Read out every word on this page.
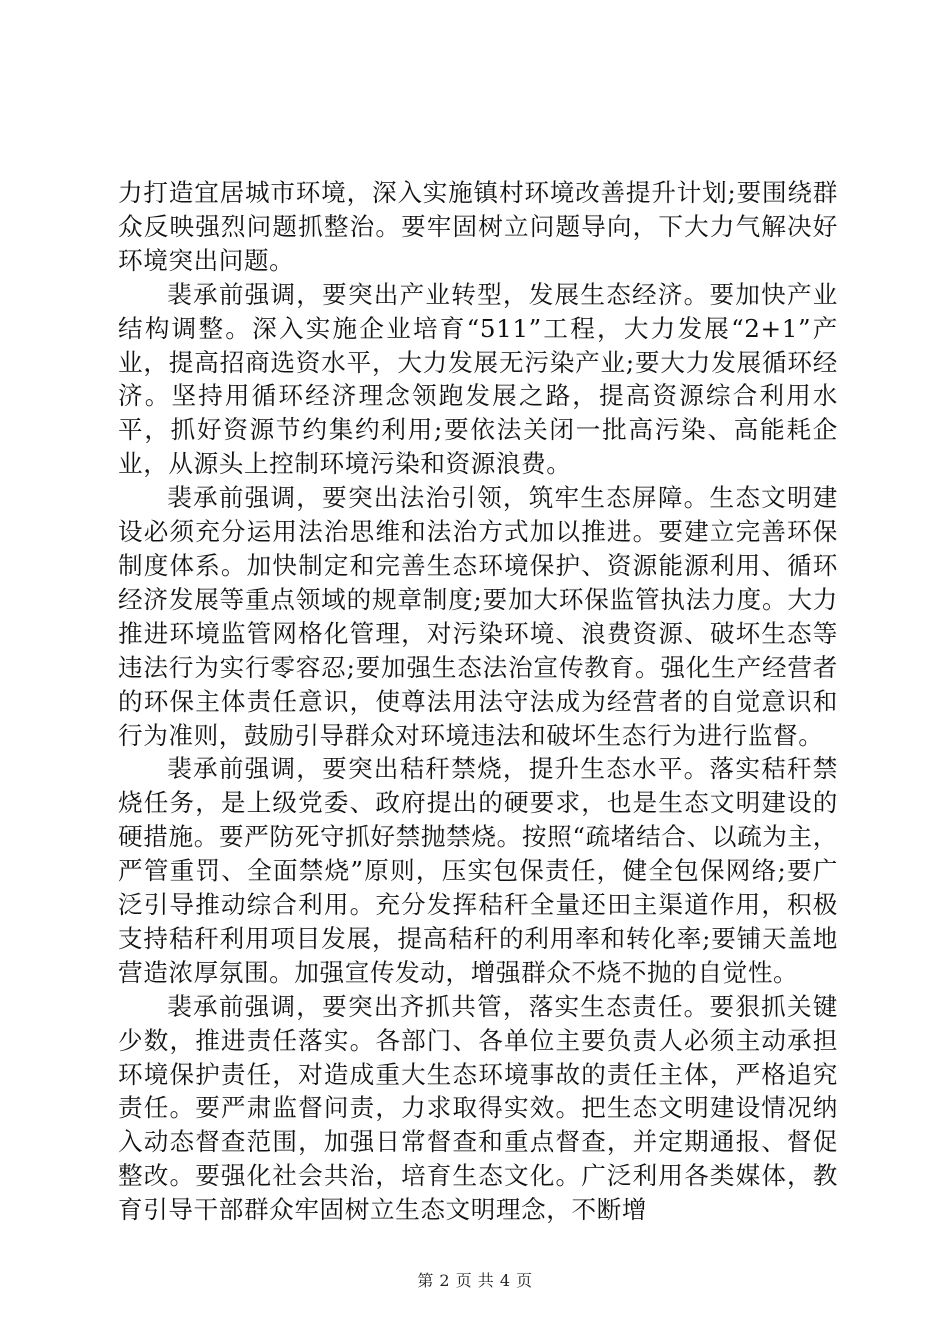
力打造宜居城市环境，深入实施镇村环境改善提升计划;要围绕群众反映强烈问题抓整治。要牢固树立问题导向，下大力气解决好环境突出问题。

裴承前强调，要突出产业转型，发展生态经济。要加快产业结构调整。深入实施企业培育“511”工程，大力发展“2+1”产业，提高招商选资水平，大力发展无污染产业;要大力发展循环经济。坚持用循环经济理念领跑发展之路，提高资源综合利用水平，抓好资源节约集约利用;要依法关闭一批高污染、高能耗企业，从源头上控制环境污染和资源浪费。

裴承前强调，要突出法治引领，筑牢生态屏障。生态文明建设必须充分运用法治思维和法治方式加以推进。要建立完善环保制度体系。加快制定和完善生态环境保护、资源能源利用、循环经济发展等重点领域的规章制度;要加大环保监管执法力度。大力推进环境监管网格化管理，对污染环境、浪费资源、破坏生态等违法行为实行零容忍;要加强生态法治宣传教育。强化生产经营者的环保主体责任意识，使尊法用法守法成为经营者的自觉意识和行为准则，鼓励引导群众对环境违法和破坏生态行为进行监督。

裴承前强调，要突出秸秆禁烧，提升生态水平。落实秸秆禁烧任务，是上级党委、政府提出的硬要求，也是生态文明建设的硬措施。要严防死守抓好禁抛禁烧。按照“疏堵结合、以疏为主，严管重罚、全面禁烧”原则，压实包保责任，健全包保网络;要广泛引导推动综合利用。充分发挥秸秆全量还田主渠道作用，积极支持秸秆利用项目发展，提高秸秆的利用率和转化率;要铺天盖地营造浓厚氛围。加强宣传发动，增强群众不烧不抛的自觉性。

裴承前强调，要突出齐抓共管，落实生态责任。要狠抓关键少数，推进责任落实。各部门、各单位主要负责人必须主动承担环境保护责任，对造成重大生态环境事故的责任主体，严格追究责任。要严肃监督问责，力求取得实效。把生态文明建设情况纳入动态督查范围，加强日常督查和重点督查，并定期通报、督促整改。要强化社会共治，培育生态文化。广泛利用各类媒体，教育引导干部群众牢固树立生态文明理念，不断增

第 2 页 共 4 页
